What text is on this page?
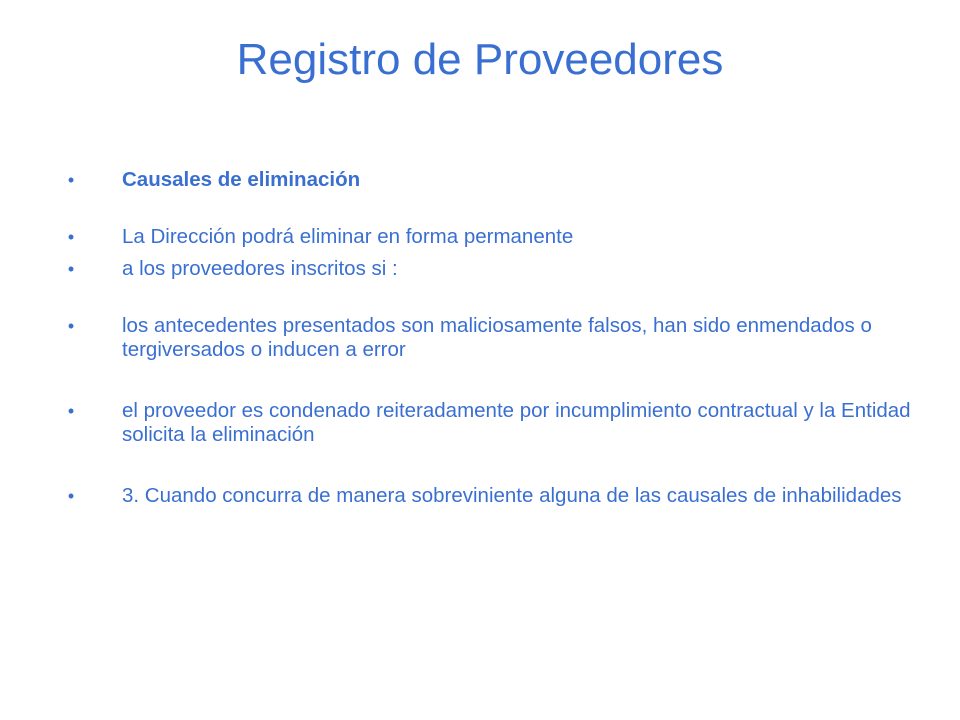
Registro de Proveedores
• Causales de eliminación
• La Dirección podrá eliminar en forma permanente
• a los proveedores inscritos si :
• los antecedentes presentados son maliciosamente falsos, han sido enmendados o tergiversados o inducen a error
• el proveedor es condenado reiteradamente por incumplimiento contractual y la Entidad solicita la eliminación
• 3. Cuando concurra de manera sobreviniente alguna de las causales de inhabilidades
